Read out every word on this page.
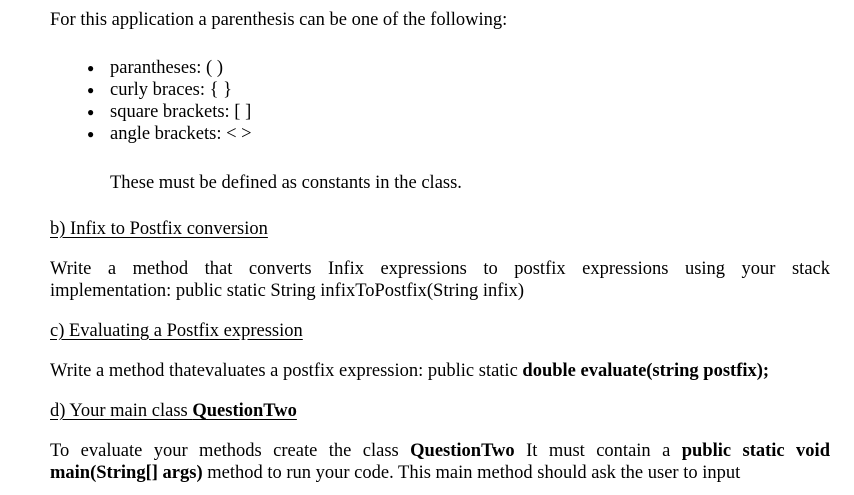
For this application a parenthesis can be one of the following:
● parantheses: ( )
● curly braces: { }
● square brackets: [ ]
● angle brackets: < >
These must be defined as constants in the class.
b) Infix to Postfix conversion
Write a method that converts Infix expressions to postfix expressions using your stack
implementation: public static String infixToPostfix(String infix)
c) Evaluating a Postfix expression
Write a method thatevaluates a postfix expression: public static double evaluate(string postfix);
d) Your main class QuestionTwo
To evaluate your methods create the class QuestionTwo It must contain a public static void
main(String[] args) method to run your code. This main method should ask the user to input
